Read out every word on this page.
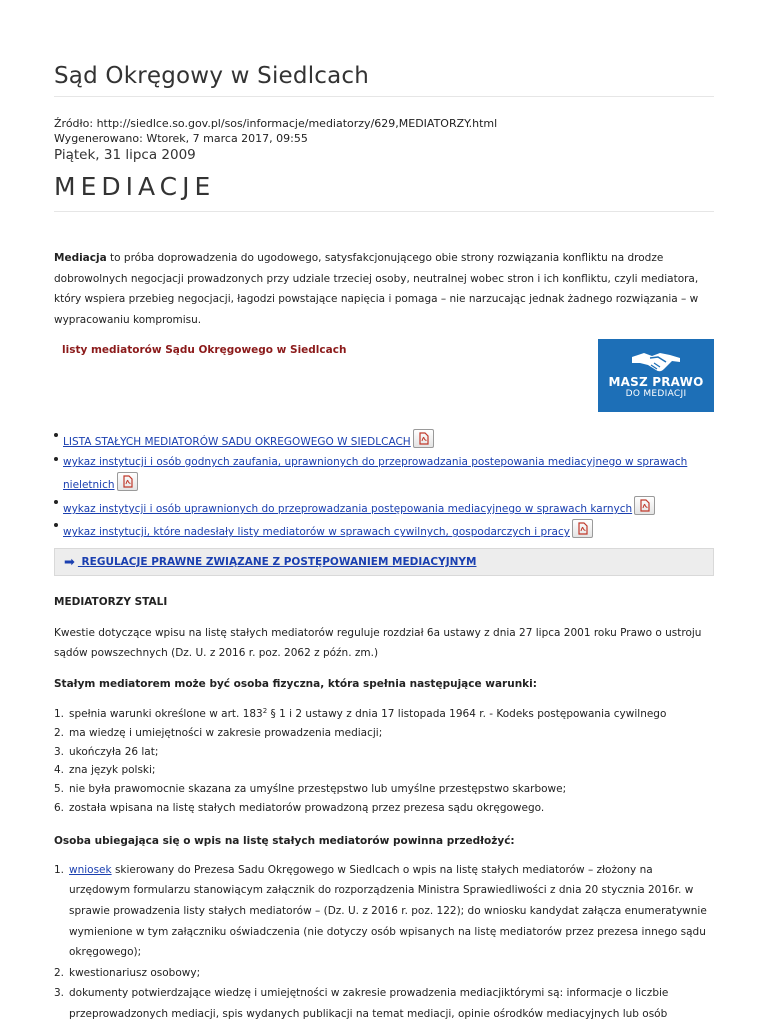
Sąd Okręgowy w Siedlcach
Źródło: http://siedlce.so.gov.pl/sos/informacje/mediatorzy/629,MEDIATORZY.html
Wygenerowano: Wtorek, 7 marca 2017, 09:55
Piątek, 31 lipca 2009
MEDIACJE
Mediacja to próba doprowadzenia do ugodowego, satysfakcjonującego obie strony rozwiązania konfliktu na drodze dobrowolnych negocjacji prowadzonych przy udziale trzeciej osoby, neutralnej wobec stron i ich konfliktu, czyli mediatora, który wspiera przebieg negocjacji, łagodzi powstające napięcia i pomaga – nie narzucając jednak żadnego rozwiązania – w wypracowaniu kompromisu.
listy mediatorów Sądu Okręgowego w Siedlcach
MASZ PRAWO
DO MEDIACJI
LISTA STAŁYCH MEDIATORÓW SADU OKREGOWEGO W SIEDLCACH
wykaz instytucji i osób godnych zaufania, uprawnionych do przeprowadzania postepowania mediacyjnego w sprawach nieletnich
wykaz instytycji i osób uprawnionych do przeprowadzania postępowania mediacyjnego w sprawach karnych
wykaz instytucji, które nadesłały listy mediatorów w sprawach cywilnych, gospodarczych i pracy
➡ REGULACJE PRAWNE ZWIĄZANE Z POSTĘPOWANIEM MEDIACYJNYM
MEDIATORZY STALI
Kwestie dotyczące wpisu na listę stałych mediatorów reguluje rozdział 6a ustawy z dnia 27 lipca 2001 roku Prawo o ustroju sądów powszechnych (Dz. U. z 2016 r. poz. 2062 z późn. zm.)
Stałym mediatorem może być osoba fizyczna, która spełnia następujące warunki:
1. spełnia warunki określone w art. $183^2$ § 1 i 2 ustawy z dnia 17 listopada 1964 r. - Kodeks postępowania cywilnego
2. ma wiedzę i umiejętności w zakresie prowadzenia mediacji;
3. ukończyła 26 lat;
4. zna język polski;
5. nie była prawomocnie skazana za umyślne przestępstwo lub umyślne przestępstwo skarbowe;
6. została wpisana na listę stałych mediatorów prowadzoną przez prezesa sądu okręgowego.
Osoba ubiegająca się o wpis na listę stałych mediatorów powinna przedłożyć:
1. wniosek skierowany do Prezesa Sadu Okręgowego w Siedlcach o wpis na listę stałych mediatorów – złożony na urzędowym formularzu stanowiącym załącznik do rozporządzenia Ministra Sprawiedliwości z dnia 20 stycznia 2016r. w sprawie prowadzenia listy stałych mediatorów – (Dz. U. z 2016 r. poz. 122); do wniosku kandydat załącza enumeratywnie wymienione w tym załączniku oświadczenia (nie dotyczy osób wpisanych na listę mediatorów przez prezesa innego sądu okręgowego);
2. kwestionariusz osobowy;
3. dokumenty potwierdzające wiedzę i umiejętności w zakresie prowadzenia mediacjiktórymi są: informacje o liczbie przeprowadzonych mediacji, spis wydanych publikacji na temat mediacji, opinie ośrodków mediacyjnych lub osób
